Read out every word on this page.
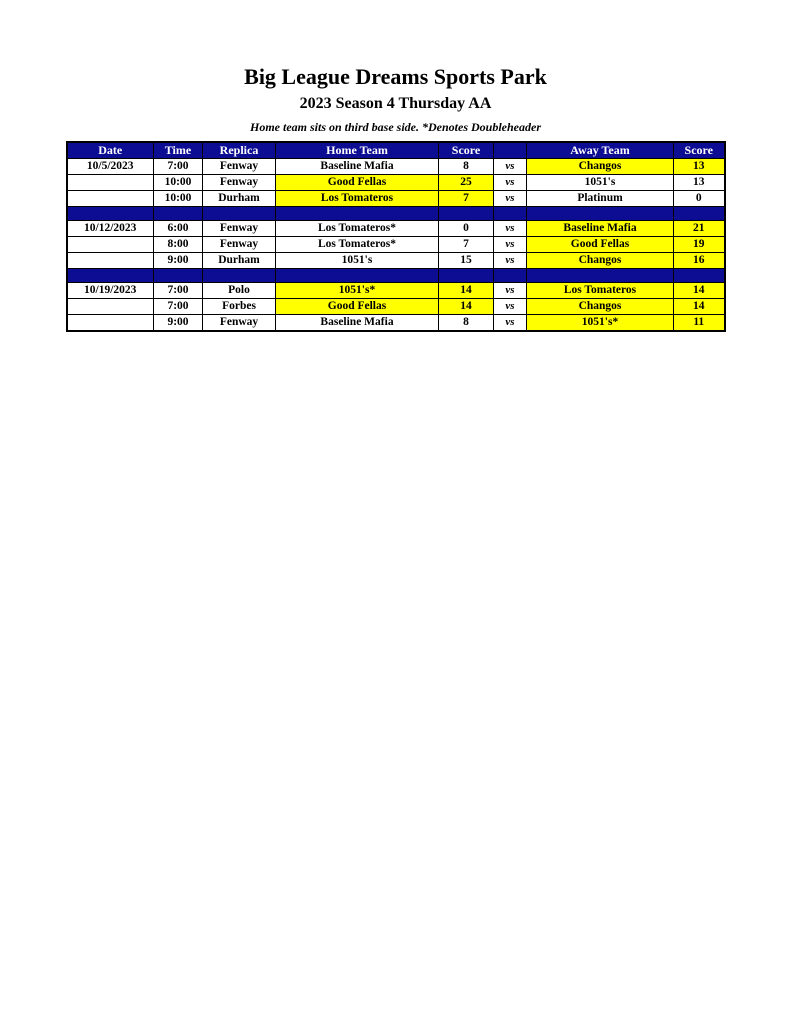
Big League Dreams Sports Park
2023 Season 4 Thursday AA
Home team sits on third base side. *Denotes Doubleheader
Date	Time	Replica	Home Team	Score		Away Team	Score
10/5/2023	7:00	Fenway	Baseline Mafia	8	vs	Changos	13
	10:00	Fenway	Good Fellas	25	vs	1051's	13
	10:00	Durham	Los Tomateros	7	vs	Platinum	0

10/12/2023	6:00	Fenway	Los Tomateros*	0	vs	Baseline Mafia	21
	8:00	Fenway	Los Tomateros*	7	vs	Good Fellas	19
	9:00	Durham	1051's	15	vs	Changos	16

10/19/2023	7:00	Polo	1051's*	14	vs	Los Tomateros	14
	7:00	Forbes	Good Fellas	14	vs	Changos	14
	9:00	Fenway	Baseline Mafia	8	vs	1051's*	11
